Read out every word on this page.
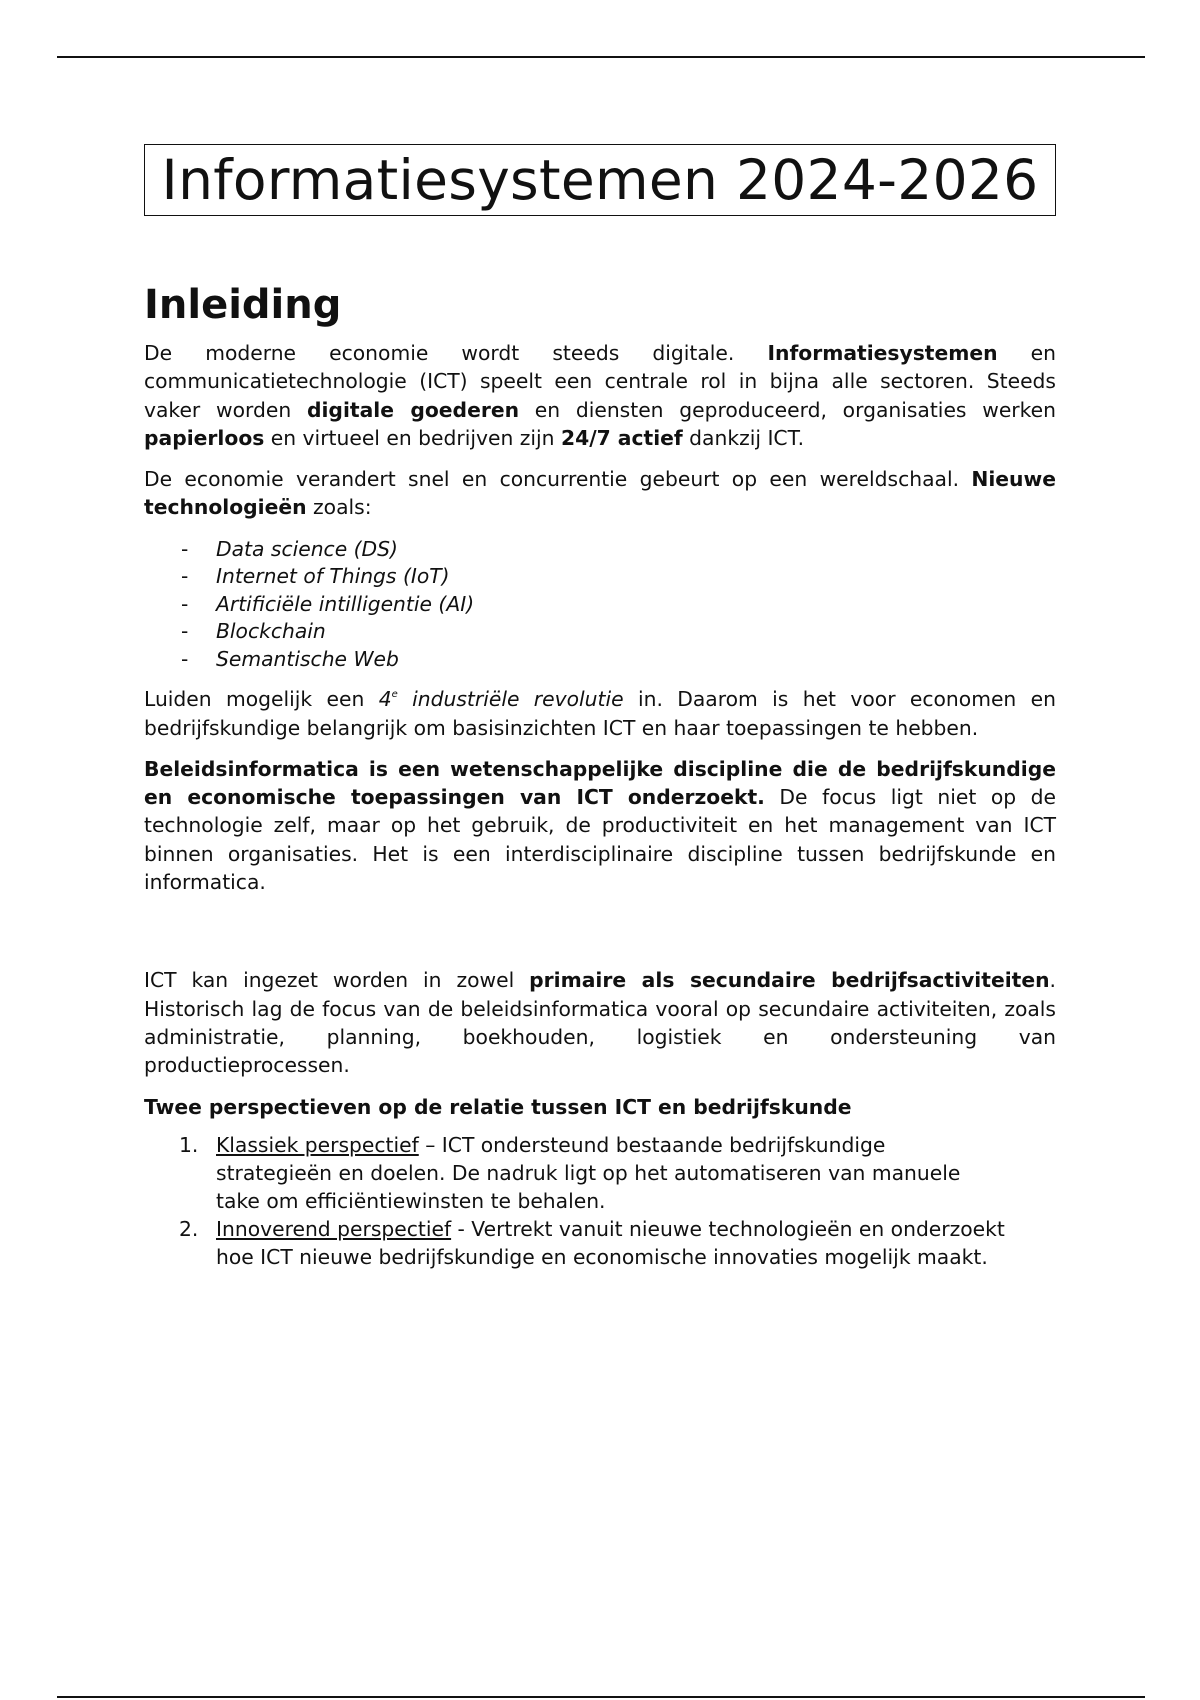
Informatiesystemen 2024-2026
Inleiding

De moderne economie wordt steeds digitale. Informatiesystemen en communicatietechnologie (ICT) speelt een centrale rol in bijna alle sectoren. Steeds vaker worden digitale goederen en diensten geproduceerd, organisaties werken papierloos en virtueel en bedrijven zijn 24/7 actief dankzij ICT.

De economie verandert snel en concurrentie gebeurt op een wereldschaal. Nieuwe technologieën zoals:

- Data science (DS)
- Internet of Things (IoT)
- Artificiële intilligentie (AI)
- Blockchain
- Semantische Web

Luiden mogelijk een 4e industriële revolutie in. Daarom is het voor economen en bedrijfskundige belangrijk om basisinzichten ICT en haar toepassingen te hebben.

Beleidsinformatica is een wetenschappelijke discipline die de bedrijfskundige en economische toepassingen van ICT onderzoekt. De focus ligt niet op de technologie zelf, maar op het gebruik, de productiviteit en het management van ICT binnen organisaties. Het is een interdisciplinaire discipline tussen bedrijfskunde en informatica.

ICT kan ingezet worden in zowel primaire als secundaire bedrijfsactiviteiten. Historisch lag de focus van de beleidsinformatica vooral op secundaire activiteiten, zoals administratie, planning, boekhouden, logistiek en ondersteuning van productieprocessen.

Twee perspectieven op de relatie tussen ICT en bedrijfskunde
1. Klassiek perspectief – ICT ondersteund bestaande bedrijfskundige strategieën en doelen. De nadruk ligt op het automatiseren van manuele take om efficiëntiewinsten te behalen.
2. Innoverend perspectief - Vertrekt vanuit nieuwe technologieën en onderzoekt hoe ICT nieuwe bedrijfskundige en economische innovaties mogelijk maakt.
